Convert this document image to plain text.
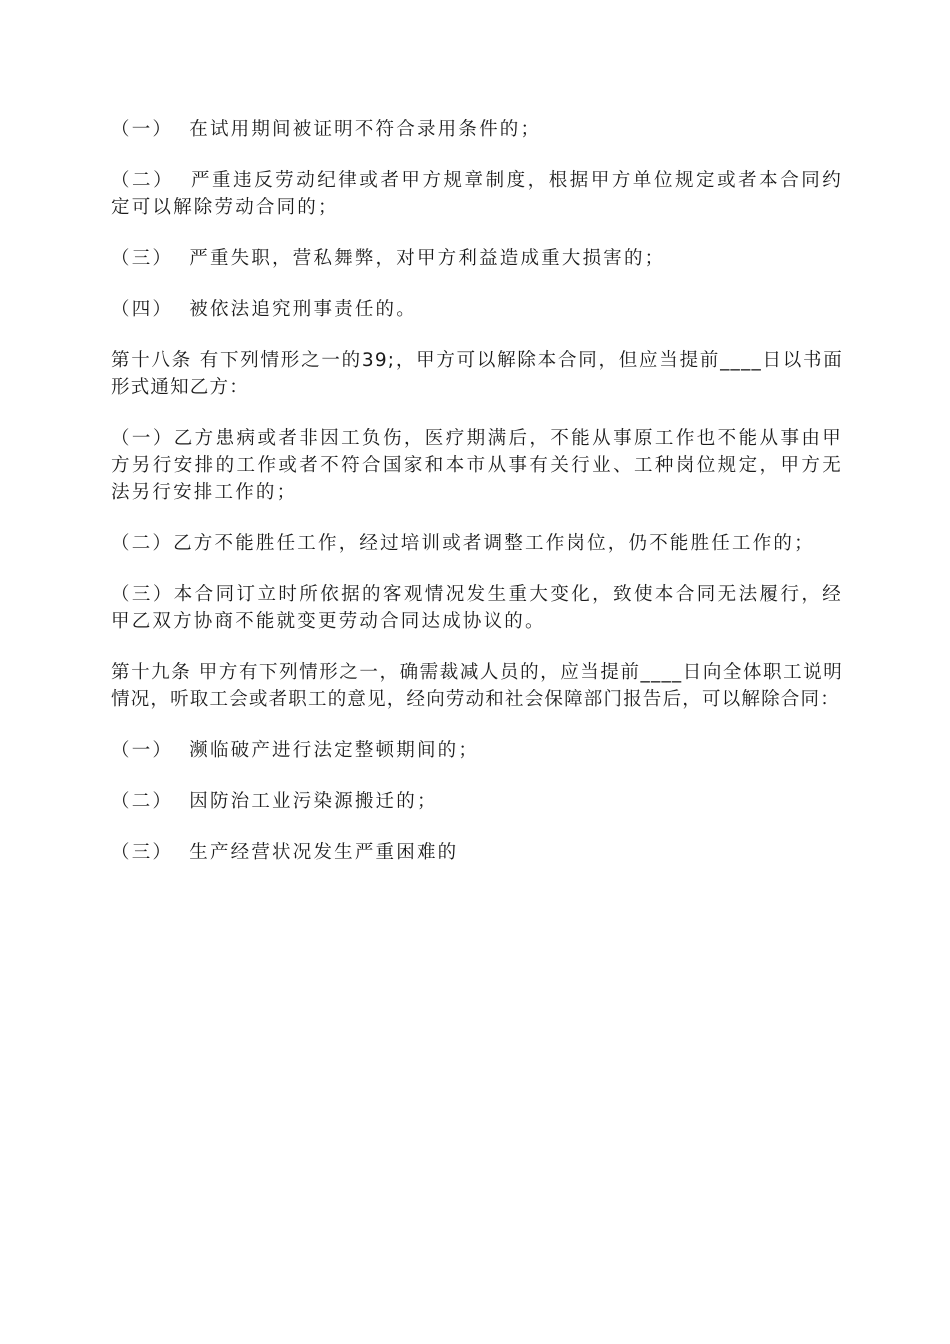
（一）  在试用期间被证明不符合录用条件的；

（二）  严重违反劳动纪律或者甲方规章制度，根据甲方单位规定或者本合同约定可以解除劳动合同的；

（三）  严重失职，营私舞弊，对甲方利益造成重大损害的；

（四）  被依法追究刑事责任的。

第十八条 有下列情形之一的39;，甲方可以解除本合同，但应当提前____日以书面形式通知乙方：

（一）乙方患病或者非因工负伤，医疗期满后，不能从事原工作也不能从事由甲方另行安排的工作或者不符合国家和本市从事有关行业、工种岗位规定，甲方无法另行安排工作的；

（二）乙方不能胜任工作，经过培训或者调整工作岗位，仍不能胜任工作的；

（三）本合同订立时所依据的客观情况发生重大变化，致使本合同无法履行，经甲乙双方协商不能就变更劳动合同达成协议的。

第十九条 甲方有下列情形之一，确需裁减人员的，应当提前____日向全体职工说明情况，听取工会或者职工的意见，经向劳动和社会保障部门报告后，可以解除合同：

（一）  濒临破产进行法定整顿期间的；

（二）  因防治工业污染源搬迁的；

（三）  生产经营状况发生严重困难的
